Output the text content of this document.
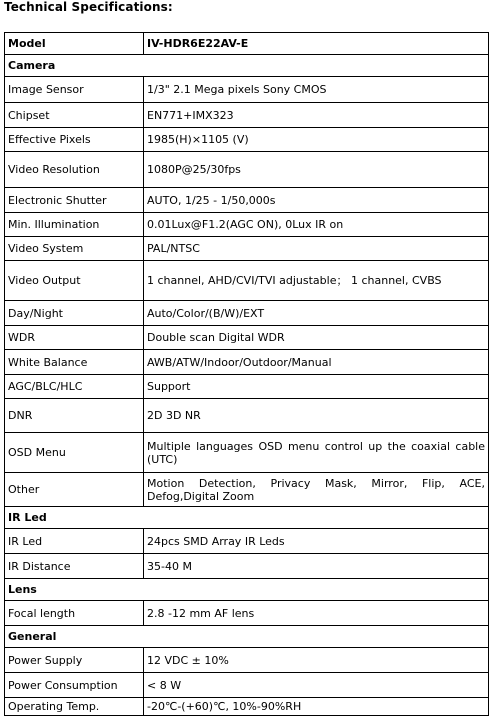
Technical Specifications:
Model	IV-HDR6E22AV-E
Camera	
Image Sensor	1/3" 2.1 Mega pixels Sony CMOS
Chipset	EN771+IMX323
Effective Pixels	1985(H)×1105 (V)
Video Resolution	1080P@25/30fps
Electronic Shutter	AUTO, 1/25 - 1/50,000s
Min. Illumination	0.01Lux@F1.2(AGC ON), 0Lux IR on
Video System	PAL/NTSC
Video Output	1 channel, AHD/CVI/TVI adjustable； 1 channel, CVBS
Day/Night	Auto/Color/(B/W)/EXT
WDR	Double scan Digital WDR
White Balance	AWB/ATW/Indoor/Outdoor/Manual
AGC/BLC/HLC	Support
DNR	2D 3D NR
OSD Menu	Multiple languages OSD menu control up the coaxial cable (UTC)
Other	Motion Detection, Privacy Mask, Mirror, Flip, ACE, Defog,Digital Zoom
IR Led	
IR Led	24pcs SMD Array IR Leds
IR Distance	35-40 M
Lens	
Focal length	2.8 -12 mm AF lens
General	
Power Supply	12 VDC ± 10%
Power Consumption	< 8 W
Operating Temp.	-20℃-(+60)℃, 10%-90%RH
